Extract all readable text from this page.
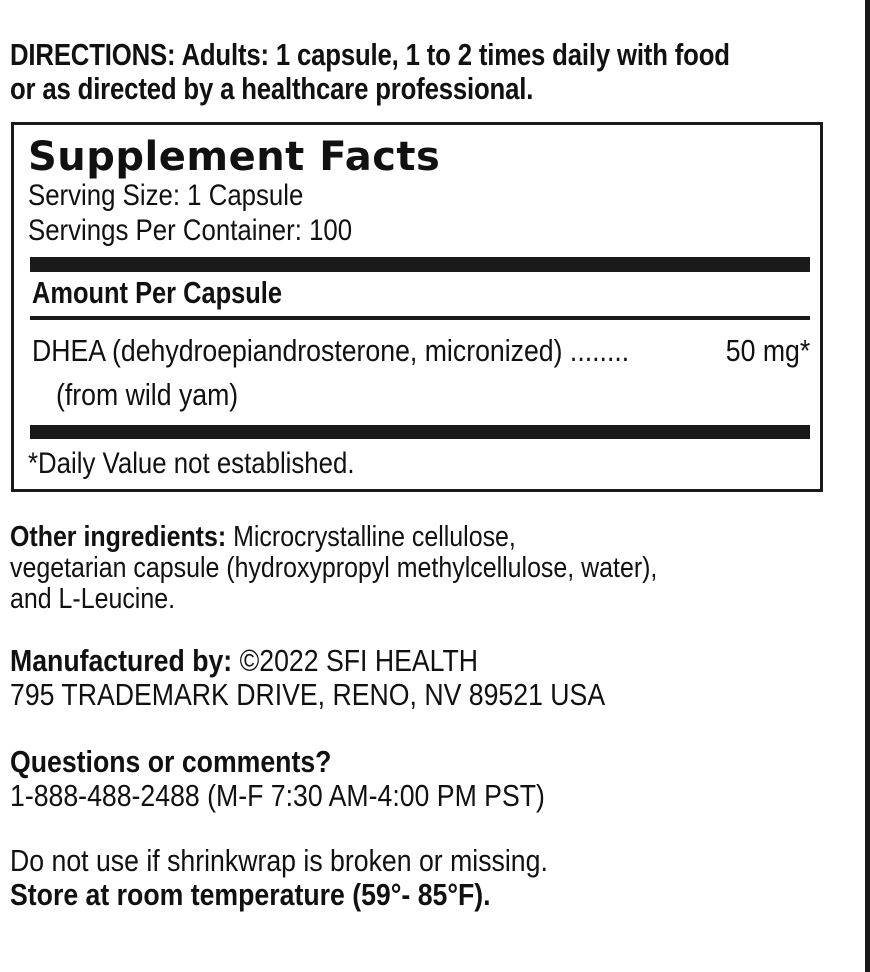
DIRECTIONS: Adults: 1 capsule, 1 to 2 times daily with food
or as directed by a healthcare professional.
Supplement Facts
Serving Size: 1 Capsule
Servings Per Container: 100
Amount Per Capsule
DHEA (dehydroepiandrosterone, micronized) ........	50 mg*
(from wild yam)
*Daily Value not established.
Other ingredients: Microcrystalline cellulose,
vegetarian capsule (hydroxypropyl methylcellulose, water),
and L-Leucine.
Manufactured by: ©2022 SFI HEALTH
795 TRADEMARK DRIVE, RENO, NV 89521 USA
Questions or comments?
1-888-488-2488 (M-F 7:30 AM-4:00 PM PST)
Do not use if shrinkwrap is broken or missing.
Store at room temperature (59°- 85°F).
